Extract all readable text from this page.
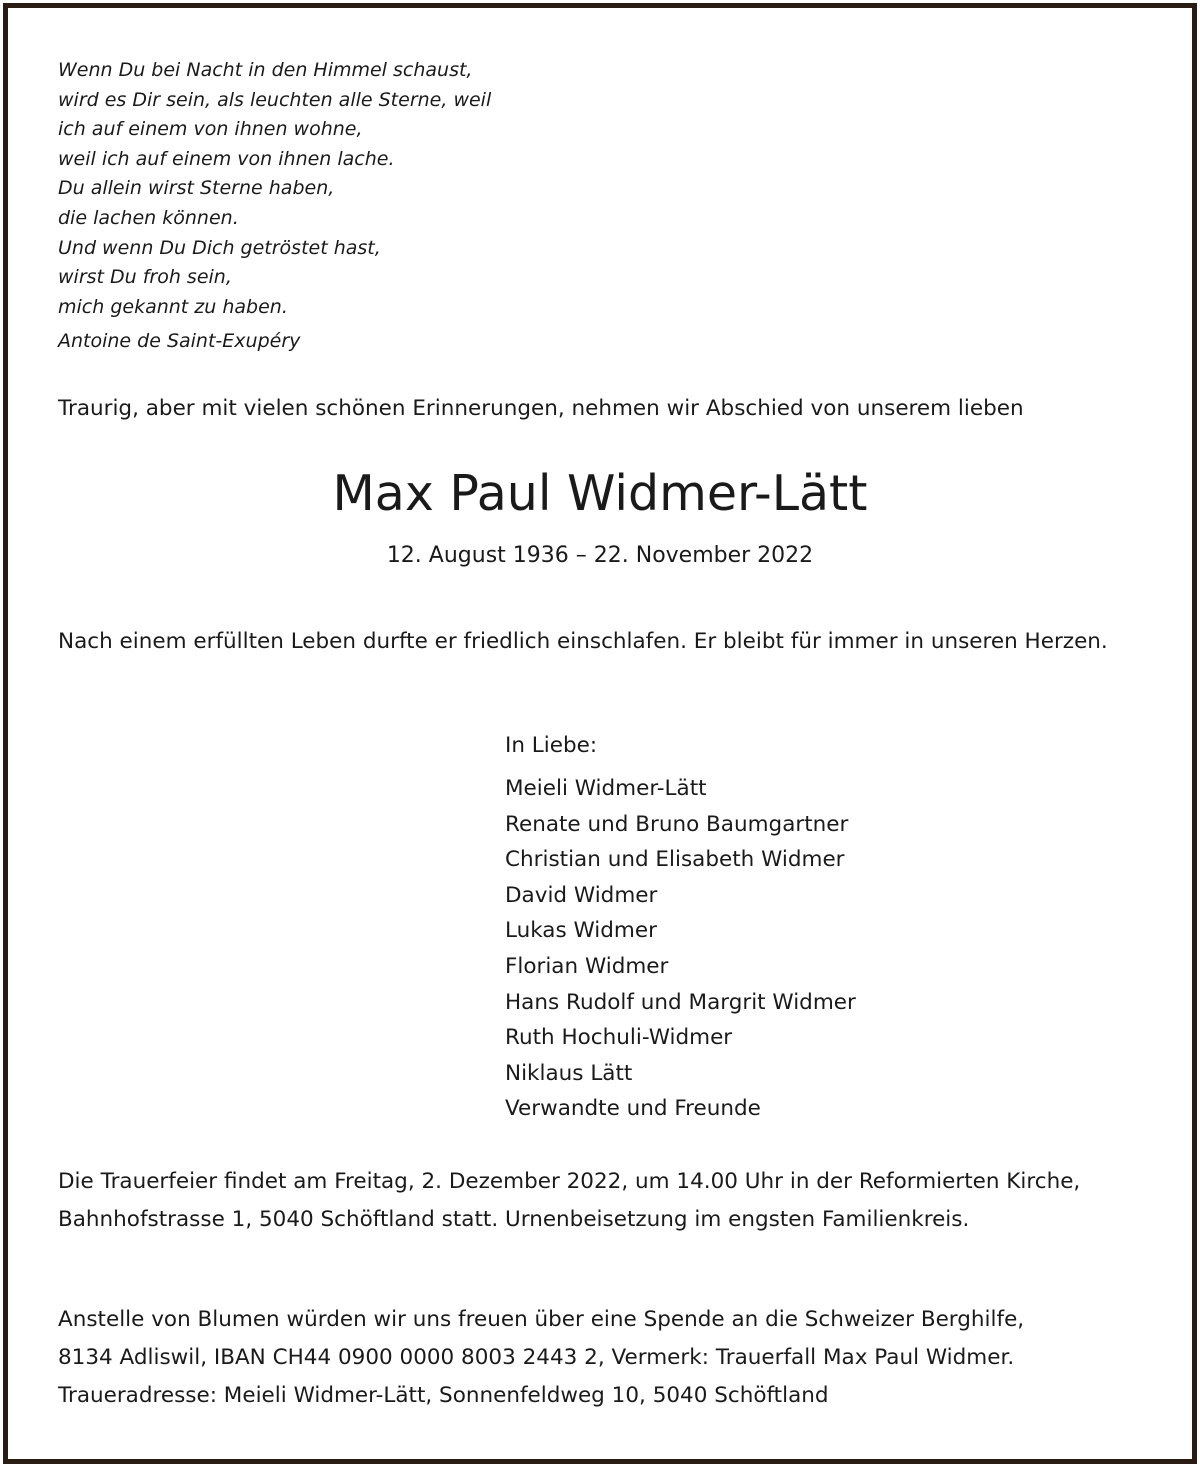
Wenn Du bei Nacht in den Himmel schaust,
wird es Dir sein, als leuchten alle Sterne, weil
ich auf einem von ihnen wohne,
weil ich auf einem von ihnen lache.
Du allein wirst Sterne haben,
die lachen können.
Und wenn Du Dich getröstet hast,
wirst Du froh sein,
mich gekannt zu haben.
Antoine de Saint-Exupéry
Traurig, aber mit vielen schönen Erinnerungen, nehmen wir Abschied von unserem lieben
Max Paul Widmer-Lätt
12. August 1936 – 22. November 2022
Nach einem erfüllten Leben durfte er friedlich einschlafen. Er bleibt für immer in unseren Herzen.
In Liebe:
Meieli Widmer-Lätt
Renate und Bruno Baumgartner
Christian und Elisabeth Widmer
David Widmer
Lukas Widmer
Florian Widmer
Hans Rudolf und Margrit Widmer
Ruth Hochuli-Widmer
Niklaus Lätt
Verwandte und Freunde
Die Trauerfeier findet am Freitag, 2. Dezember 2022, um 14.00 Uhr in der Reformierten Kirche,
Bahnhofstrasse 1, 5040 Schöftland statt. Urnenbeisetzung im engsten Familienkreis.
Anstelle von Blumen würden wir uns freuen über eine Spende an die Schweizer Berghilfe,
8134 Adliswil, IBAN CH44 0900 0000 8003 2443 2, Vermerk: Trauerfall Max Paul Widmer.
Traueradresse: Meieli Widmer-Lätt, Sonnenfeldweg 10, 5040 Schöftland
